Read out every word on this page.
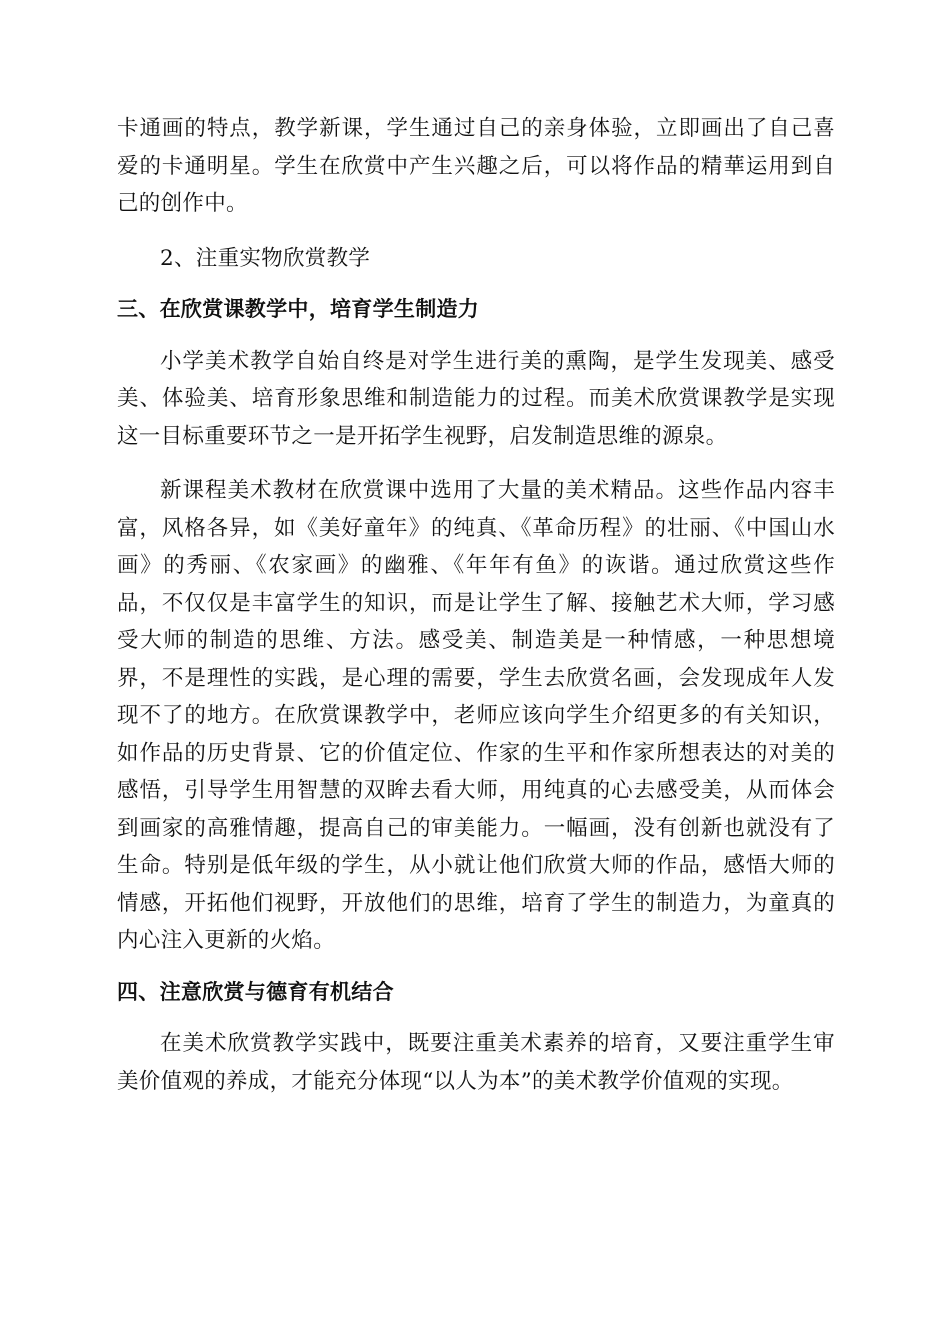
卡通画的特点，教学新课，学生通过自己的亲身体验，立即画出了自己喜爱的卡通明星。学生在欣赏中产生兴趣之后，可以将作品的精華运用到自己的创作中。

2、注重实物欣赏教学

三、在欣赏课教学中，培育学生制造力

小学美术教学自始自终是对学生进行美的熏陶，是学生发现美、感受美、体验美、培育形象思维和制造能力的过程。而美术欣赏课教学是实现这一目标重要环节之一是开拓学生视野，启发制造思维的源泉。

新课程美术教材在欣赏课中选用了大量的美术精品。这些作品内容丰富，风格各异，如《美好童年》的纯真、《革命历程》的壮丽、《中国山水画》的秀丽、《农家画》的幽雅、《年年有鱼》的诙谐。通过欣赏这些作品，不仅仅是丰富学生的知识，而是让学生了解、接触艺术大师，学习感受大师的制造的思维、方法。感受美、制造美是一种情感，一种思想境界，不是理性的实践，是心理的需要，学生去欣赏名画，会发现成年人发现不了的地方。在欣赏课教学中，老师应该向学生介绍更多的有关知识，如作品的历史背景、它的价值定位、作家的生平和作家所想表达的对美的感悟，引导学生用智慧的双眸去看大师，用纯真的心去感受美，从而体会到画家的高雅情趣，提高自己的审美能力。一幅画，没有创新也就没有了生命。特别是低年级的学生，从小就让他们欣赏大师的作品，感悟大师的情感，开拓他们视野，开放他们的思维，培育了学生的制造力，为童真的内心注入更新的火焰。

四、注意欣赏与德育有机结合

在美术欣赏教学实践中，既要注重美术素养的培育，又要注重学生审美价值观的养成，才能充分体现“以人为本”的美术教学价值观的实现。
